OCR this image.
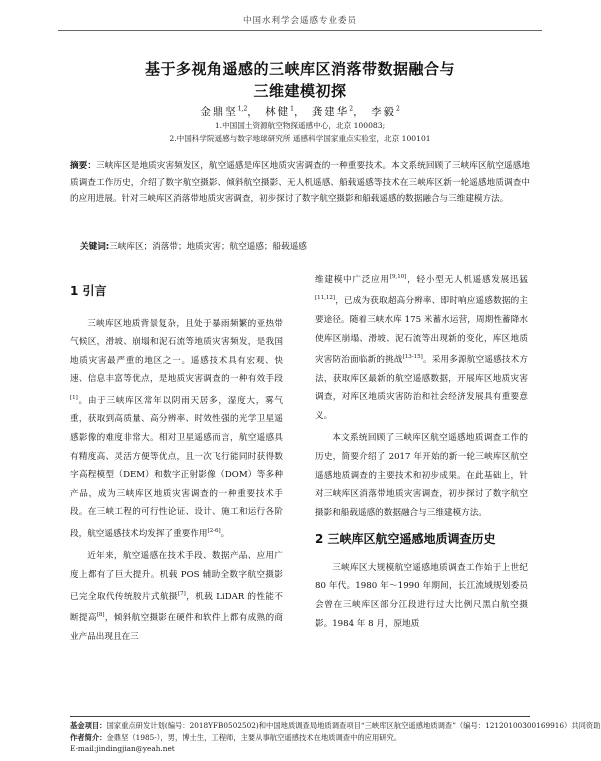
中国水利学会遥感专业委员
基于多视角遥感的三峡库区消落带数据融合与
三维建模初探
金鼎坚$^{1,2}$， 林健$^1$， 龚建华$^2$， 李毅$^2$
1.中国国土资源航空物探遥感中心，北京 100083;
2.中国科学院遥感与数字地球研究所 遥感科学国家重点实验室，北京 100101
摘要：三峡库区是地质灾害频发区，航空遥感是库区地质灾害调查的一种重要技术。本文系统回顾了三峡库区航空遥感地质调查工作历史，介绍了数字航空摄影、倾斜航空摄影、无人机遥感、船载遥感等技术在三峡库区新一轮遥感地质调查中的应用进展。针对三峡库区消落带地质灾害调查，初步探讨了数字航空摄影和船载遥感的数据融合与三维建模方法。
关键词:三峡库区；消落带；地质灾害；航空遥感；船载遥感
1 引言

三峡库区地质背景复杂，且处于暴雨频繁的亚热带气候区，滑坡、崩塌和泥石流等地质灾害频发，是我国地质灾害最严重的地区之一。遥感技术具有宏观、快速、信息丰富等优点，是地质灾害调查的一种有效手段[1]。由于三峡库区常年以阴雨天居多，湿度大，雾气重，获取到高质量、高分辨率、时效性强的光学卫星遥感影像的难度非常大。相对卫星遥感而言，航空遥感具有精度高、灵活方便等优点，且一次飞行能同时获得数字高程模型（DEM）和数字正射影像（DOM）等多种产品，成为三峡库区地质灾害调查的一种重要技术手段。在三峡工程的可行性论证、设计、施工和运行各阶段，航空遥感技术均发挥了重要作用[2-6]。

近年来，航空遥感在技术手段、数据产品、应用广度上都有了巨大提升。机载 POS 辅助全数字航空摄影已完全取代传统胶片式航摄[7]，机载 LiDAR 的性能不断提高[8]，倾斜航空摄影在硬件和软件上都有成熟的商业产品出现且在三

维建模中广泛应用[9,10]，轻小型无人机遥感发展迅猛[11,12]，已成为获取超高分辨率、即时响应遥感数据的主要途径。随着三峡水库 175 米蓄水运营，周期性蓄降水使库区崩塌、滑坡、泥石流等出现新的变化，库区地质灾害防治面临新的挑战[13-15]。采用多源航空遥感技术方法，获取库区最新的航空遥感数据，开展库区地质灾害调查，对库区地质灾害防治和社会经济发展具有重要意义。

本文系统回顾了三峡库区航空遥感地质调查工作的历史，简要介绍了 2017 年开始的新一轮三峡库区航空遥感地质调查的主要技术和初步成果。在此基础上，针对三峡库区消落带地质灾害调查，初步探讨了数字航空摄影和船载遥感的数据融合与三维建模方法。

2 三峡库区航空遥感地质调查历史

三峡库区大规模航空遥感地质调查工作始于上世纪 80 年代。1980 年～1990 年期间，长江流域规划委员会曾在三峡库区部分江段进行过大比例尺黑白航空摄影。1984 年 8 月，原地质

基金项目：国家重点研发计划(编号：2018YFB0502502)和中国地质调查局地质调查项目“三峡库区航空遥感地质调查”（编号：12120100300169916）共同资助
作者简介：金鼎坚（1985-），男，博士生，工程师，主要从事航空遥感技术在地质调查中的应用研究。
E-mail:jindingjian@yeah.net
